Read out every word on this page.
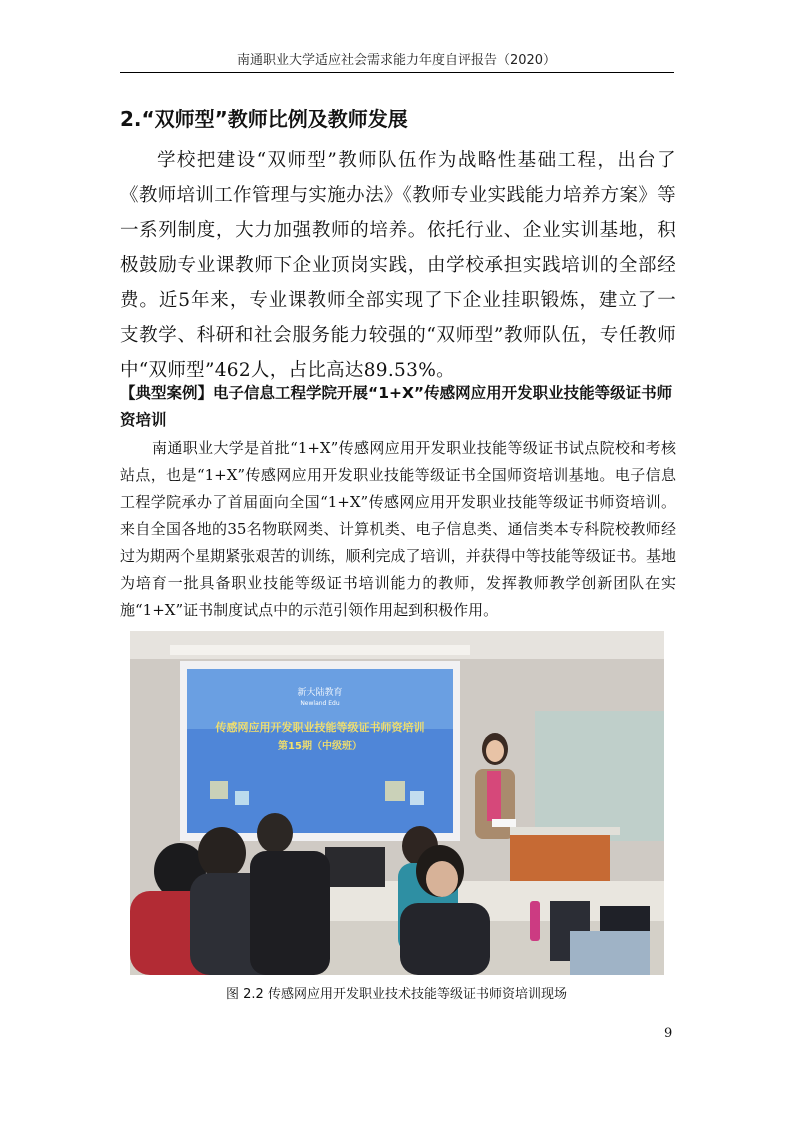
南通职业大学适应社会需求能力年度自评报告（2020）
2.“双师型”教师比例及教师发展
学校把建设“双师型”教师队伍作为战略性基础工程，出台了《教师培训工作管理与实施办法》《教师专业实践能力培养方案》等一系列制度，大力加强教师的培养。依托行业、企业实训基地，积极鼓励专业课教师下企业顶岗实践，由学校承担实践培训的全部经费。近5年来，专业课教师全部实现了下企业挂职锻炼，建立了一支教学、科研和社会服务能力较强的“双师型”教师队伍，专任教师中“双师型”462人，占比高达89.53%。
【典型案例】电子信息工程学院开展“1+X”传感网应用开发职业技能等级证书师资培训
南通职业大学是首批“1+X”传感网应用开发职业技能等级证书试点院校和考核站点，也是“1+X”传感网应用开发职业技能等级证书全国师资培训基地。电子信息工程学院承办了首届面向全国“1+X”传感网应用开发职业技能等级证书师资培训。来自全国各地的35名物联网类、计算机类、电子信息类、通信类本专科院校教师经过为期两个星期紧张艰苦的训练，顺利完成了培训，并获得中等技能等级证书。基地为培育一批具备职业技能等级证书培训能力的教师，发挥教师教学创新团队在实施“1+X”证书制度试点中的示范引领作用起到积极作用。
新大陆教育
Newland Edu
传感网应用开发职业技能等级证书师资培训
第15期（中级班）
图 2.2 传感网应用开发职业技术技能等级证书师资培训现场
9
